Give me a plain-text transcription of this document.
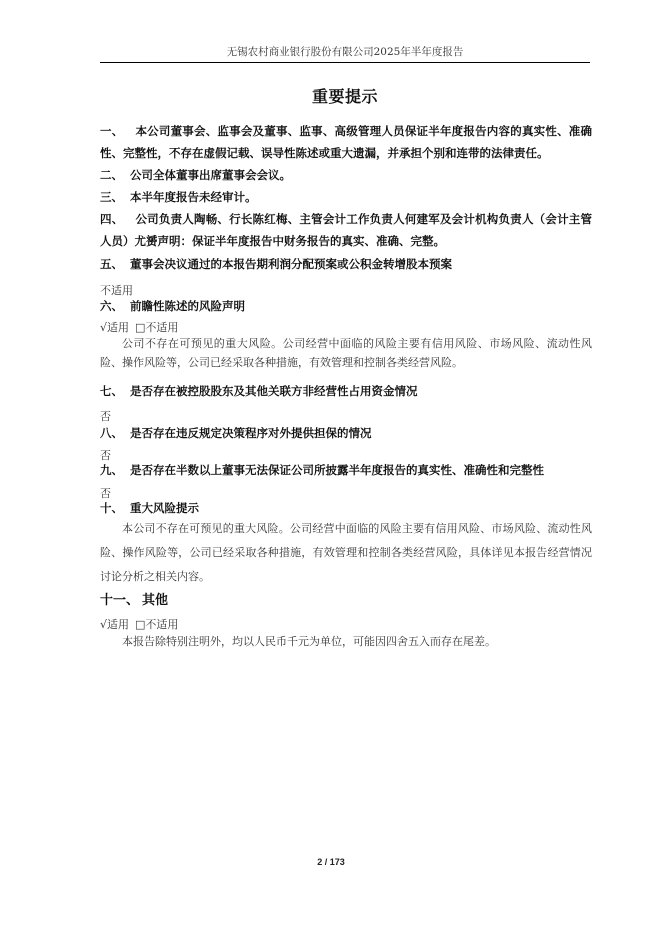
无锡农村商业银行股份有限公司2025年半年度报告
重要提示
一、 本公司董事会、监事会及董事、监事、高级管理人员保证半年度报告内容的真实性、准确性、完整性，不存在虚假记载、误导性陈述或重大遗漏，并承担个别和连带的法律责任。
二、 公司全体董事出席董事会会议。
三、 本半年度报告未经审计。
四、 公司负责人陶畅、行长陈红梅、主管会计工作负责人何建军及会计机构负责人（会计主管人员）尤赟声明：保证半年度报告中财务报告的真实、准确、完整。
五、 董事会决议通过的本报告期利润分配预案或公积金转增股本预案
不适用
六、 前瞻性陈述的风险声明
√适用 □不适用
公司不存在可预见的重大风险。公司经营中面临的风险主要有信用风险、市场风险、流动性风险、操作风险等，公司已经采取各种措施，有效管理和控制各类经营风险。
七、 是否存在被控股股东及其他关联方非经营性占用资金情况
否
八、 是否存在违反规定决策程序对外提供担保的情况
否
九、 是否存在半数以上董事无法保证公司所披露半年度报告的真实性、准确性和完整性
否
十、 重大风险提示
本公司不存在可预见的重大风险。公司经营中面临的风险主要有信用风险、市场风险、流动性风险、操作风险等，公司已经采取各种措施，有效管理和控制各类经营风险，具体详见本报告经营情况讨论分析之相关内容。
十一、 其他
√适用 □不适用
本报告除特别注明外，均以人民币千元为单位，可能因四舍五入而存在尾差。
2 / 173
